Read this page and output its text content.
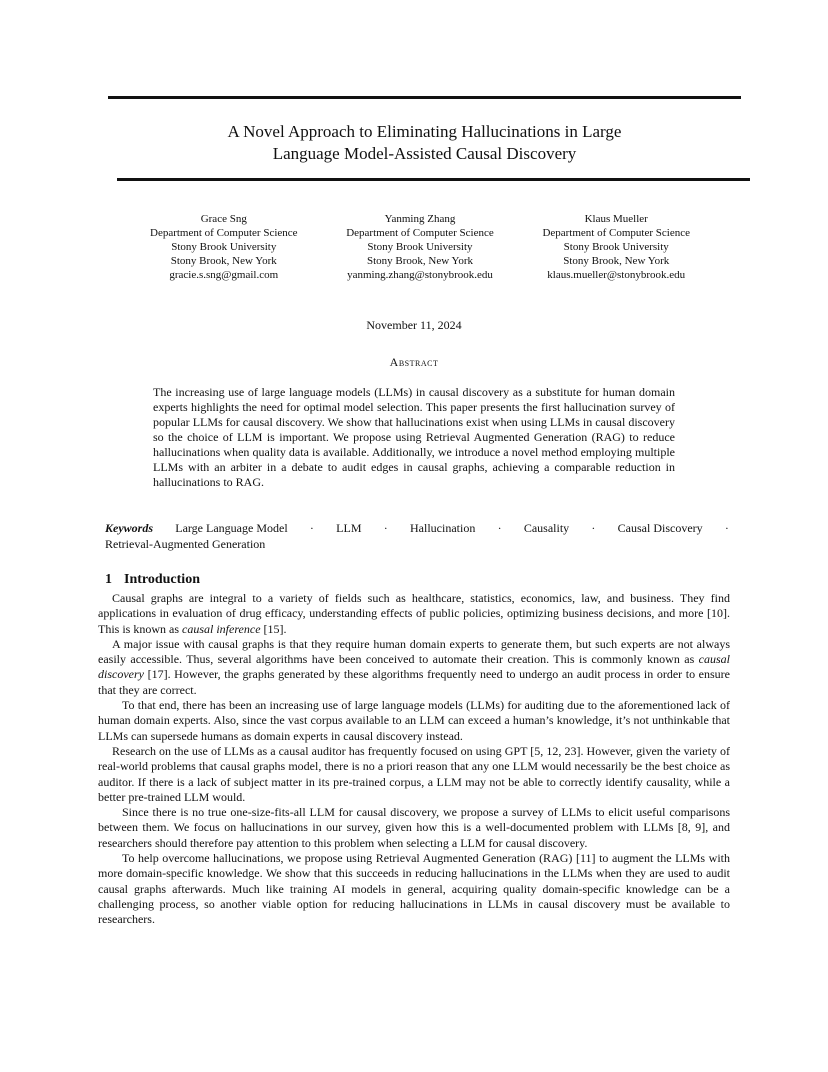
A Novel Approach to Eliminating Hallucinations in Large
Language Model-Assisted Causal Discovery
Grace Sng
Department of Computer Science
Stony Brook University
Stony Brook, New York
gracie.s.sng@gmail.com
Yanming Zhang
Department of Computer Science
Stony Brook University
Stony Brook, New York
yanming.zhang@stonybrook.edu
Klaus Mueller
Department of Computer Science
Stony Brook University
Stony Brook, New York
klaus.mueller@stonybrook.edu
November 11, 2024
Abstract

The increasing use of large language models (LLMs) in causal discovery as a substitute for human domain experts highlights the need for optimal model selection. This paper presents the first hallucination survey of popular LLMs for causal discovery. We show that hallucinations exist when using LLMs in causal discovery so the choice of LLM is important. We propose using Retrieval Augmented Generation (RAG) to reduce hallucinations when quality data is available. Additionally, we introduce a novel method employing multiple LLMs with an arbiter in a debate to audit edges in causal graphs, achieving a comparable reduction in hallucinations to RAG.

Keywords Large Language Model · LLM · Hallucination · Causality · Causal Discovery ·
Retrieval-Augmented Generation
1 Introduction

Causal graphs are integral to a variety of fields such as healthcare, statistics, economics, law, and business. They find applications in evaluation of drug efficacy, understanding effects of public policies, optimizing business decisions, and more [10]. This is known as causal inference [15].

A major issue with causal graphs is that they require human domain experts to generate them, but such experts are not always easily accessible. Thus, several algorithms have been conceived to automate their creation. This is commonly known as causal discovery [17]. However, the graphs generated by these algorithms frequently need to undergo an audit process in order to ensure that they are correct.

To that end, there has been an increasing use of large language models (LLMs) for auditing due to the aforementioned lack of human domain experts. Also, since the vast corpus available to an LLM can exceed a human’s knowledge, it’s not unthinkable that LLMs can supersede humans as domain experts in causal discovery instead.

Research on the use of LLMs as a causal auditor has frequently focused on using GPT [5, 12, 23]. However, given the variety of real-world problems that causal graphs model, there is no a priori reason that any one LLM would necessarily be the best choice as auditor. If there is a lack of subject matter in its pre-trained corpus, a LLM may not be able to correctly identify causality, while a better pre-trained LLM would.

Since there is no true one-size-fits-all LLM for causal discovery, we propose a survey of LLMs to elicit useful comparisons between them. We focus on hallucinations in our survey, given how this is a well-documented problem with LLMs [8, 9], and researchers should therefore pay attention to this problem when selecting a LLM for causal discovery.

To help overcome hallucinations, we propose using Retrieval Augmented Generation (RAG) [11] to augment the LLMs with more domain-specific knowledge. We show that this succeeds in reducing hallucinations in the LLMs when they are used to audit causal graphs afterwards. Much like training AI models in general, acquiring quality domain-specific knowledge can be a challenging process, so another viable option for reducing hallucinations in LLMs in causal discovery must be available to researchers.
